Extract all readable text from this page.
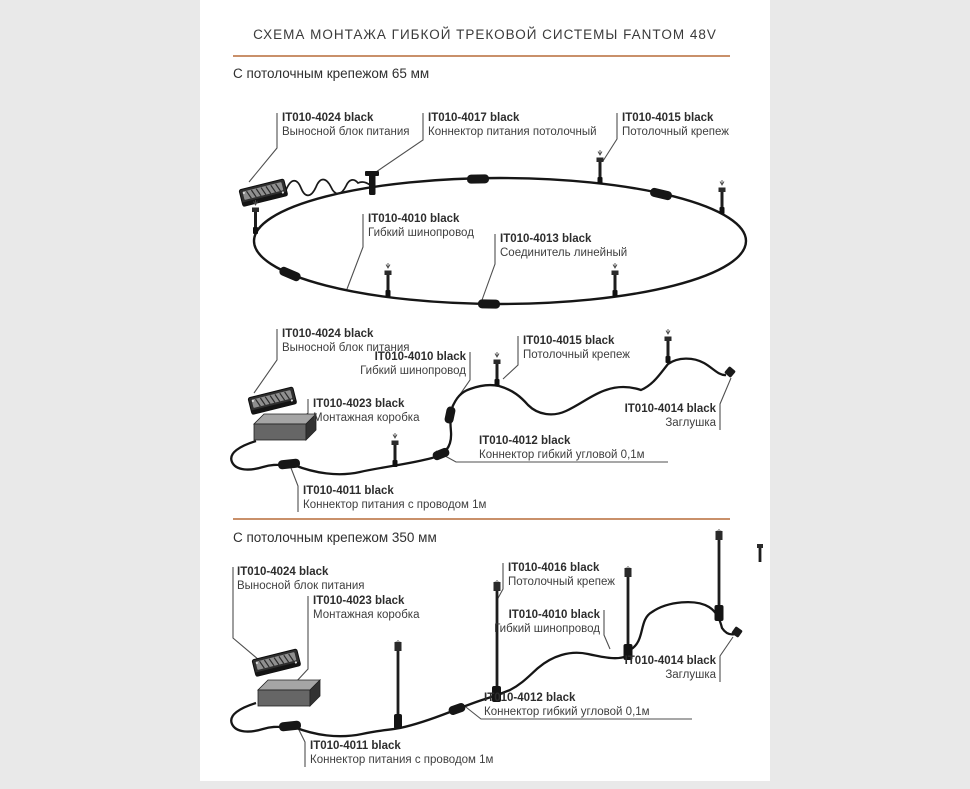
СХЕМА МОНТАЖА ГИБКОЙ ТРЕКОВОЙ СИСТЕМЫ FANTOM 48V
С потолочным крепежом 65 мм
С потолочным крепежом 350 мм
IT010-4024 black
Выносной блок питания
IT010-4017 black
Коннектор питания потолочный
IT010-4015 black
Потолочный крепеж
IT010-4010 black
Гибкий шинопровод
IT010-4013 black
Соединитель линейный
IT010-4024 black
Выносной блок питания
IT010-4010 black
Гибкий шинопровод
IT010-4015 black
Потолочный крепеж
IT010-4023 black
Монтажная коробка
IT010-4014 black
Заглушка
IT010-4012 black
Коннектор гибкий угловой 0,1м
IT010-4011 black
Коннектор питания с проводом 1м
IT010-4024 black
Выносной блок питания
IT010-4023 black
Монтажная коробка
IT010-4016 black
Потолочный крепеж
IT010-4010 black
Гибкий шинопровод
IT010-4014 black
Заглушка
IT010-4012 black
Коннектор гибкий угловой 0,1м
IT010-4011 black
Коннектор питания с проводом 1м
